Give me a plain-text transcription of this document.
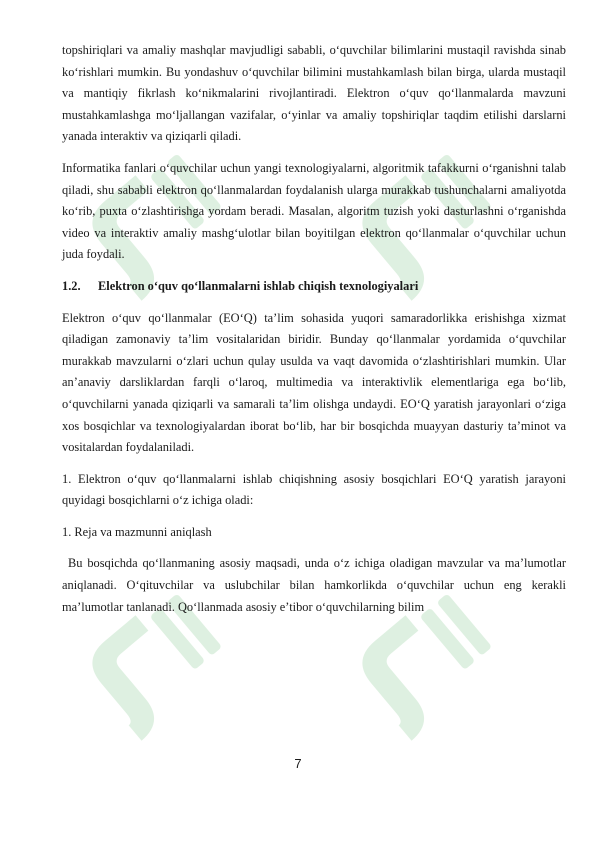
topshiriqlari va amaliy mashqlar mavjudligi sababli, o‘quvchilar bilimlarini mustaqil ravishda sinab ko‘rishlari mumkin. Bu yondashuv o‘quvchilar bilimini mustahkamlash bilan birga, ularda mustaqil va mantiqiy fikrlash ko‘nikmalarini rivojlantiradi. Elektron o‘quv qo‘llanmalarda mavzuni mustahkamlashga mo‘ljallangan vazifalar, o‘yinlar va amaliy topshiriqlar taqdim etilishi darslarni yanada interaktiv va qiziqarli qiladi.

Informatika fanlari o‘quvchilar uchun yangi texnologiyalarni, algoritmik tafakkurni o‘rganishni talab qiladi, shu sababli elektron qo‘llanmalardan foydalanish ularga murakkab tushunchalarni amaliyotda ko‘rib, puxta o‘zlashtirishga yordam beradi. Masalan, algoritm tuzish yoki dasturlashni o‘rganishda video va interaktiv amaliy mashg‘ulotlar bilan boyitilgan elektron qo‘llanmalar o‘quvchilar uchun juda foydali.

1.2. Elektron o‘quv qo‘llanmalarni ishlab chiqish texnologiyalari

Elektron o‘quv qo‘llanmalar (EO‘Q) ta’lim sohasida yuqori samaradorlikka erishishga xizmat qiladigan zamonaviy ta’lim vositalaridan biridir. Bunday qo‘llanmalar yordamida o‘quvchilar murakkab mavzularni o‘zlari uchun qulay usulda va vaqt davomida o‘zlashtirishlari mumkin. Ular an’anaviy darsliklardan farqli o‘laroq, multimedia va interaktivlik elementlariga ega bo‘lib, o‘quvchilarni yanada qiziqarli va samarali ta’lim olishga undaydi. EO‘Q yaratish jarayonlari o‘ziga xos bosqichlar va texnologiyalardan iborat bo‘lib, har bir bosqichda muayyan dasturiy ta’minot va vositalardan foydalaniladi.

1. Elektron o‘quv qo‘llanmalarni ishlab chiqishning asosiy bosqichlari EO‘Q yaratish jarayoni quyidagi bosqichlarni o‘z ichiga oladi:

1. Reja va mazmunni aniqlash

Bu bosqichda qo‘llanmaning asosiy maqsadi, unda o‘z ichiga oladigan mavzular va ma’lumotlar aniqlanadi. O‘qituvchilar va uslubchilar bilan hamkorlikda o‘quvchilar uchun eng kerakli ma’lumotlar tanlanadi. Qo‘llanmada asosiy e’tibor o‘quvchilarning bilim

7
